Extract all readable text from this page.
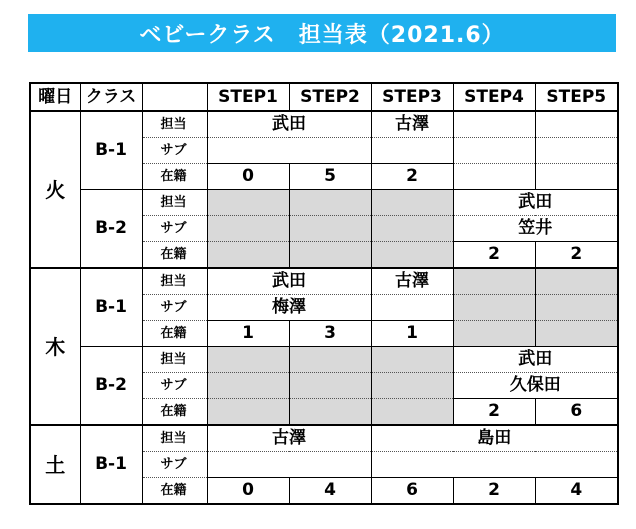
ベビークラス　担当表（2021.6）
曜日	クラス		STEP1	STEP2	STEP3	STEP4	STEP5
火	B-1	担当	武田		古澤		
		サブ					
		在籍	0	5	2		
	B-2	担当				武田	
		サブ				笠井	
		在籍				2	2
木	B-1	担当	武田		古澤		
		サブ	梅澤				
		在籍	1	3	1		
	B-2	担当				武田	
		サブ				久保田	
		在籍				2	6
土	B-1	担当	古澤		島田		
		サブ					
		在籍	0	4	6	2	4
